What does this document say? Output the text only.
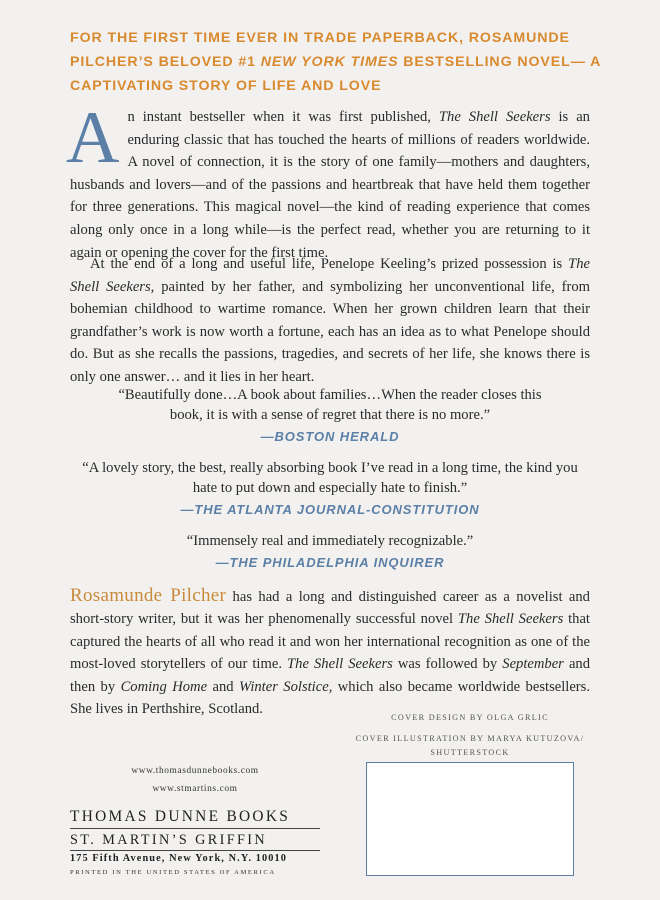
FOR THE FIRST TIME EVER IN TRADE PAPERBACK, ROSAMUNDE PILCHER’S BELOVED #1 NEW YORK TIMES BESTSELLING NOVEL— A CAPTIVATING STORY OF LIFE AND LOVE
An instant bestseller when it was first published, The Shell Seekers is an enduring classic that has touched the hearts of millions of readers worldwide. A novel of connection, it is the story of one family—mothers and daughters, husbands and lovers—and of the passions and heartbreak that have held them together for three generations. This magical novel—the kind of reading experience that comes along only once in a long while—is the perfect read, whether you are returning to it again or opening the cover for the first time.
At the end of a long and useful life, Penelope Keeling’s prized possession is The Shell Seekers, painted by her father, and symbolizing her unconventional life, from bohemian childhood to wartime romance. When her grown children learn that their grandfather’s work is now worth a fortune, each has an idea as to what Penelope should do. But as she recalls the passions, tragedies, and secrets of her life, she knows there is only one answer… and it lies in her heart.
“Beautifully done…A book about families…When the reader closes this book, it is with a sense of regret that there is no more.”
—BOSTON HERALD
“A lovely story, the best, really absorbing book I’ve read in a long time, the kind you hate to put down and especially hate to finish.”
—THE ATLANTA JOURNAL-CONSTITUTION
“Immensely real and immediately recognizable.”
—THE PHILADELPHIA INQUIRER
Rosamunde Pilcher has had a long and distinguished career as a novelist and short-story writer, but it was her phenomenally successful novel The Shell Seekers that captured the hearts of all who read it and won her international recognition as one of the most-loved storytellers of our time. The Shell Seekers was followed by September and then by Coming Home and Winter Solstice, which also became worldwide bestsellers. She lives in Perthshire, Scotland.
COVER DESIGN BY OLGA GRLIC
COVER ILLUSTRATION BY MARYA KUTUZOVA/
SHUTTERSTOCK
www.thomasdunnebooks.com
www.stmartins.com
THOMAS DUNNE BOOKS
ST. MARTIN’S GRIFFIN
175 Fifth Avenue, New York, N.Y. 10010
PRINTED IN THE UNITED STATES OF AMERICA
